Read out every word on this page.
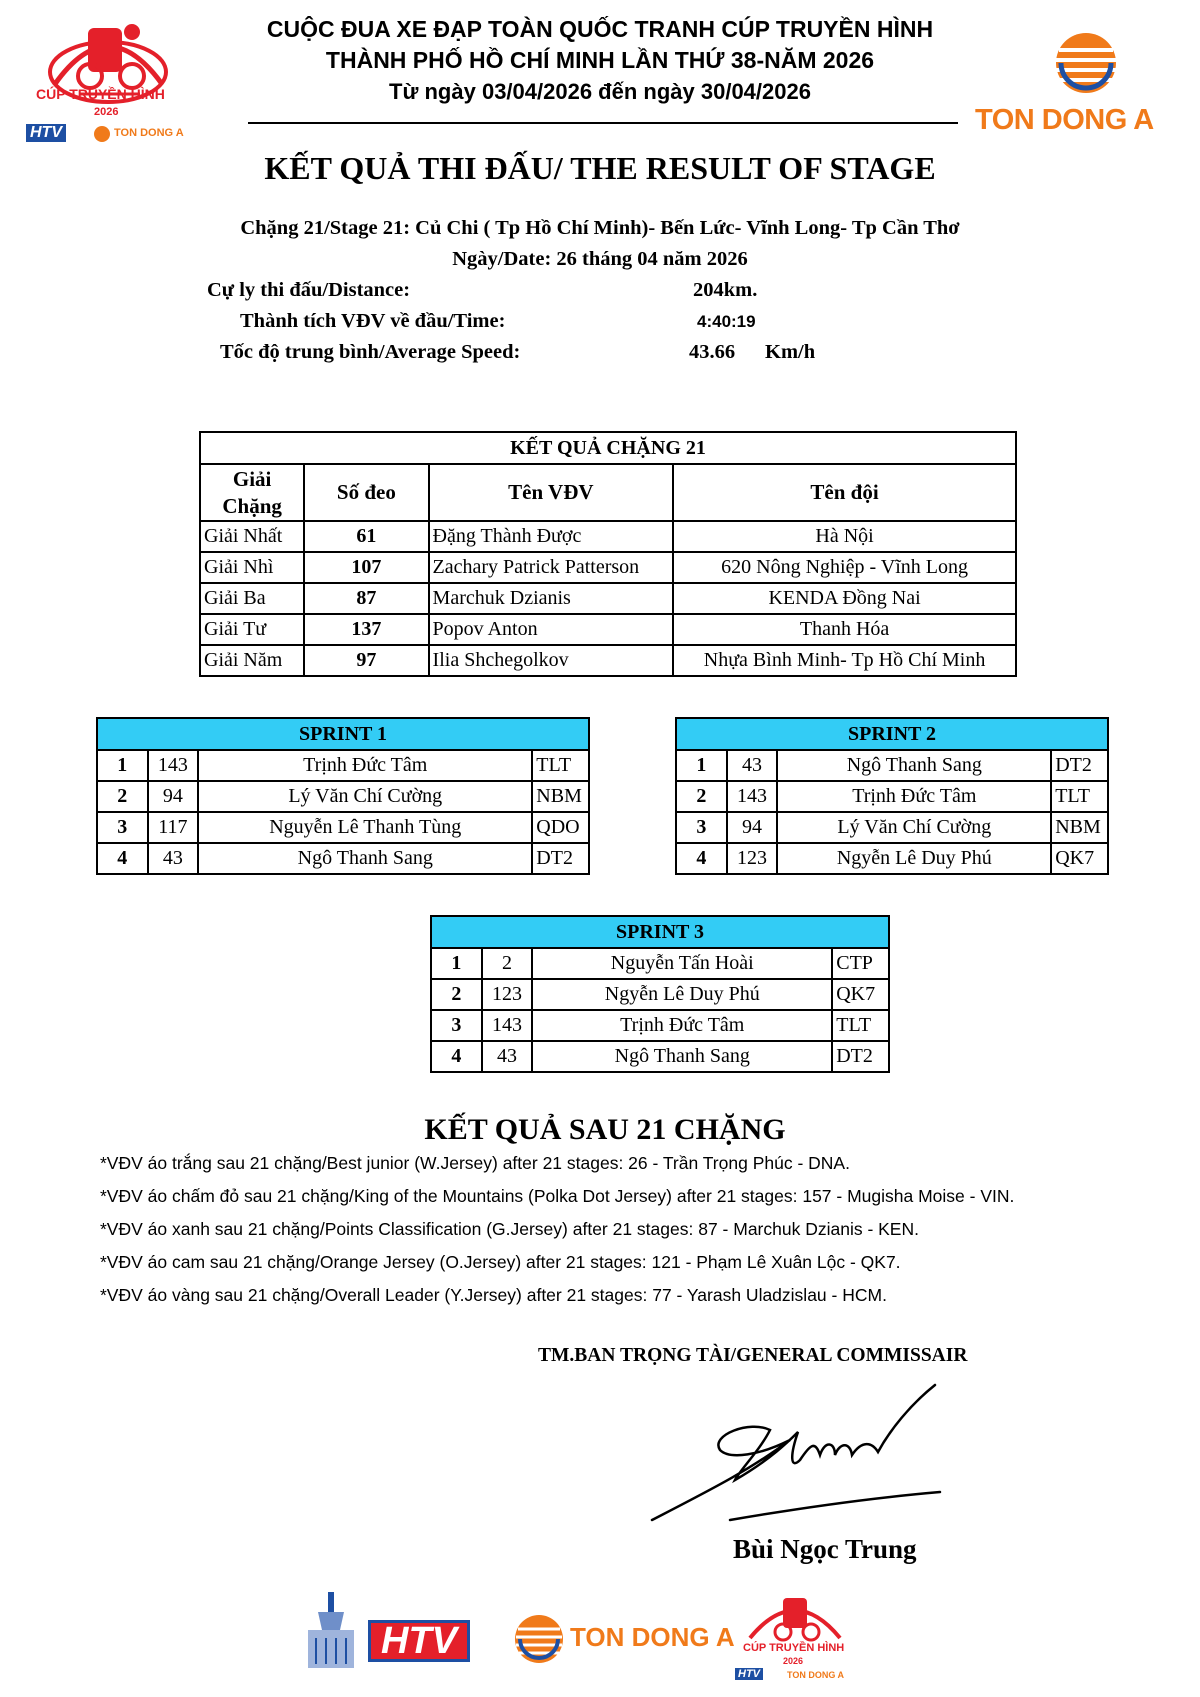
CÚP TRUYỀN HÌNH
2026
HTV	TON DONG A	TON DONG A
CUỘC ĐUA XE ĐẠP TOÀN QUỐC TRANH CÚP TRUYỀN HÌNH
THÀNH PHỐ HỒ CHÍ MINH LẦN THỨ 38-NĂM 2026
Từ ngày 03/04/2026 đến ngày 30/04/2026
KẾT QUẢ THI ĐẤU/ THE RESULT OF STAGE
Chặng 21/Stage 21: Củ Chi ( Tp Hồ Chí Minh)- Bến Lức- Vĩnh Long- Tp Cần Thơ
Ngày/Date: 26 tháng 04 năm 2026
Cự ly thi đấu/Distance:	204km.
Thành tích VĐV về đầu/Time:	4:40:19
Tốc độ trung bình/Average Speed:	43.66 Km/h
KẾT QUẢ CHẶNG 21			
Giải
Chặng	Số đeo	Tên VĐV	Tên đội
Giải Nhất	61	Đặng Thành Được	Hà Nội
Giải Nhì	107	Zachary Patrick Patterson	620 Nông Nghiệp - Vĩnh Long
Giải Ba	87	Marchuk Dzianis	KENDA Đồng Nai
Giải Tư	137	Popov Anton	Thanh Hóa
Giải Năm	97	Ilia Shchegolkov	Nhựa Bình Minh- Tp Hồ Chí Minh
SPRINT 1			
1	143	Trịnh Đức Tâm	TLT
2	94	Lý Văn Chí Cường	NBM
3	117	Nguyễn Lê Thanh Tùng	QDO
4	43	Ngô Thanh Sang	DT2
SPRINT 2			
1	43	Ngô Thanh Sang	DT2
2	143	Trịnh Đức Tâm	TLT
3	94	Lý Văn Chí Cường	NBM
4	123	Ngyễn Lê Duy Phú	QK7
SPRINT 3			
1	2	Nguyễn Tấn Hoài	CTP
2	123	Ngyễn Lê Duy Phú	QK7
3	143	Trịnh Đức Tâm	TLT
4	43	Ngô Thanh Sang	DT2
KẾT QUẢ SAU 21 CHẶNG
*VĐV áo trắng sau 21 chặng/Best junior (W.Jersey) after 21 stages: 26 - Trần Trọng Phúc - DNA.
*VĐV áo chấm đỏ sau 21 chặng/King of the Mountains (Polka Dot Jersey) after 21 stages: 157 - Mugisha Moise - VIN.
*VĐV áo xanh sau 21 chặng/Points Classification (G.Jersey) after 21 stages: 87 - Marchuk Dzianis - KEN.
*VĐV áo cam sau 21 chặng/Orange Jersey (O.Jersey) after 21 stages: 121 - Phạm Lê Xuân Lộc - QK7.
*VĐV áo vàng sau 21 chặng/Overall Leader (Y.Jersey) after 21 stages: 77 - Yarash Uladzislau - HCM.
TM.BAN TRỌNG TÀI/GENERAL COMMISSAIR
Bùi Ngọc Trung
HTV	TON DONG A CÚP TRUYỀN HÌNH
2026
HTV	TON DONG A
